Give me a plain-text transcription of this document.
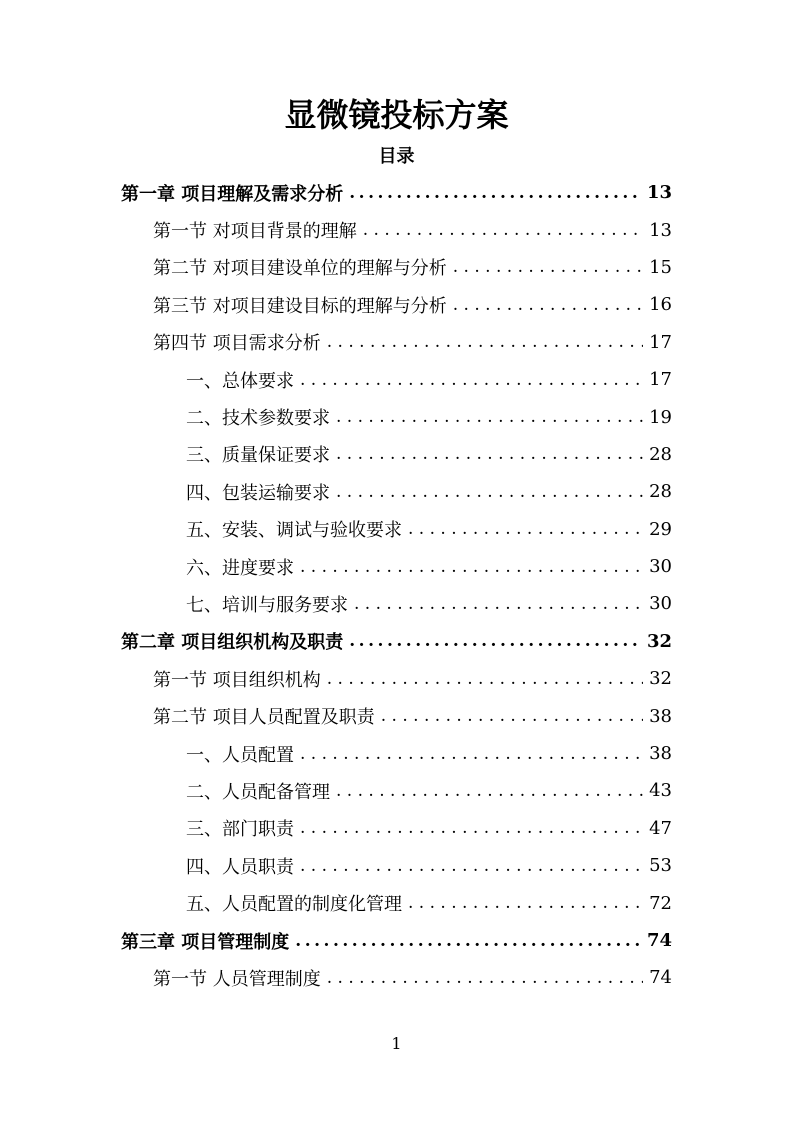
显微镜投标方案
目录
第一章 项目理解及需求分析 .....	13
第一节 对项目背景的理解 . . .	13
第二节 对项目建设单位的理解与分析 . . .	15
第三节 对项目建设目标的理解与分析 . . .	16
第四节 项目需求分析 . . .	17
一、总体要求 . . .	17
二、技术参数要求 . . .	19
三、质量保证要求 . . .	28
四、包装运输要求 . . .	28
五、安装、调试与验收要求 . . .	29
六、进度要求 . . .	30
七、培训与服务要求 . . .	30
第二章 项目组织机构及职责 .....	32
第一节 项目组织机构 . . .	32
第二节 项目人员配置及职责 . . .	38
一、人员配置 . . .	38
二、人员配备管理 . . .	43
三、部门职责 . . .	47
四、人员职责 . . .	53
五、人员配置的制度化管理 . . .	72
第三章 项目管理制度 .....	74
第一节 人员管理制度 . . .	74
1
